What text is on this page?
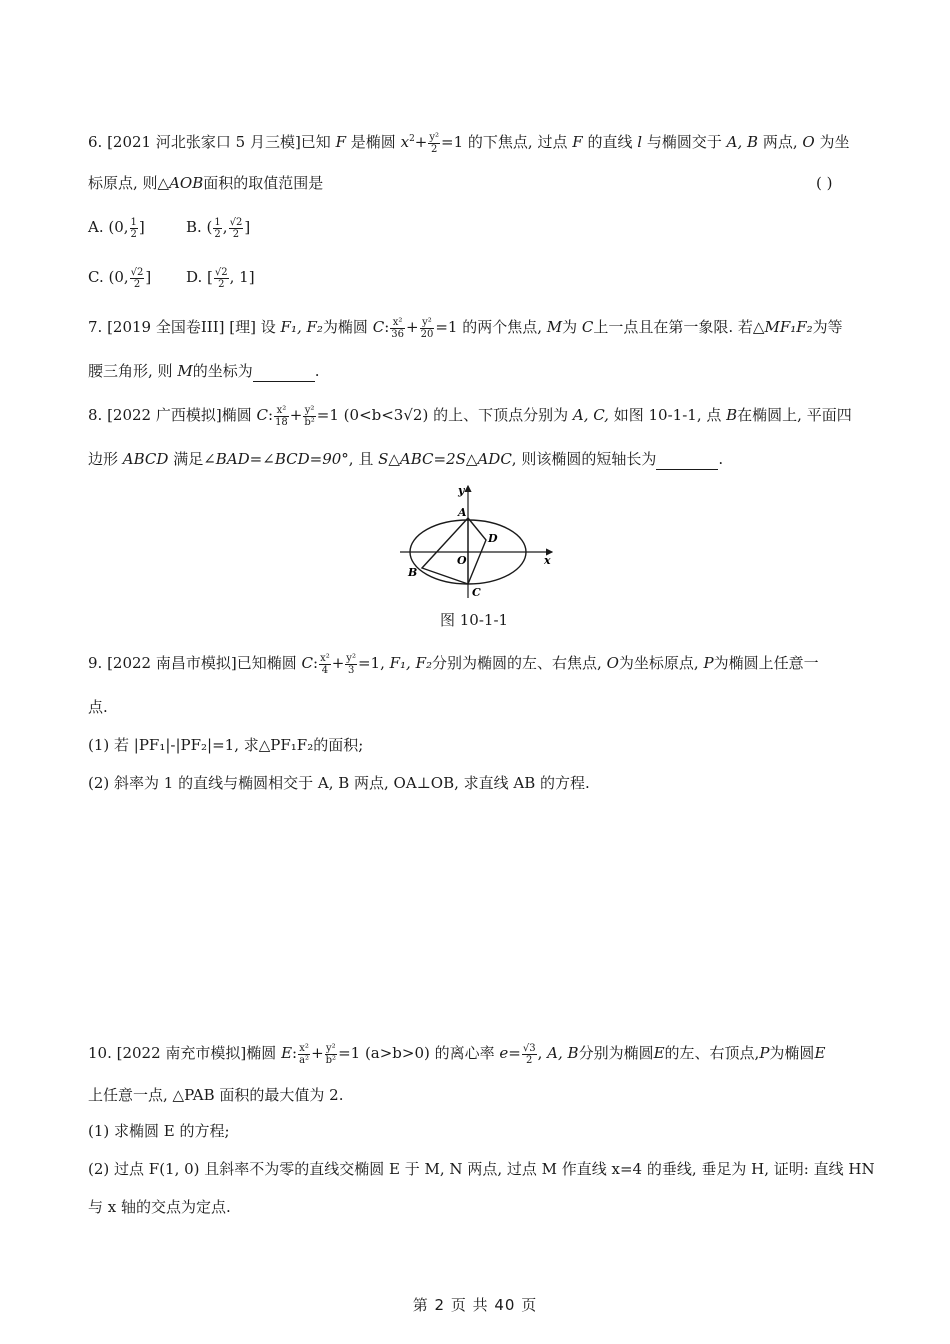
6. [2021 河北张家口 5 月三模]已知 F 是椭圆 $x^2+ \frac{\text{y²}}{2} =1$ 的下焦点, 过点 F 的直线 l 与椭圆交于 A, B 两点, O 为坐
标原点, 则△AOB面积的取值范围是	( )
A. (0, $\frac{1}{2}$ ]	B. ( $\frac{1}{2}$ , $\frac{√2}{2}$ ]
C. (0, $\frac{√2}{2}$ ] D. [ $\frac{√2}{2}$ , 1]
7. [2019 全国卷III] [理] 设 F₁, F₂为椭圆 C: $\frac{\text{x²}}{36} + \frac{\text{y²}}{20} =1$ 的两个焦点, M为 C上一点且在第一象限. 若△MF₁F₂为等
腰三角形, 则 M的坐标为	.
8. [2022 广西模拟]椭圆 C: $\frac{\text{x²}}{18} + \frac{\text{y²}}{\text{b²}} =1$ (0<b<3√2) 的上、下顶点分别为 A, C, 如图 10-1-1, 点 B在椭圆上, 平面四
边形 ABCD 满足∠BAD=∠BCD=90°, 且 S△ABC=2S△ADC, 则该椭圆的短轴长为	.
y
A
D
O	x
B
C
图 10-1-1
9. [2022 南昌市模拟]已知椭圆 C: $\frac{\text{x²}}{4} + \frac{\text{y²}}{3} =1$, F₁, F₂分别为椭圆的左、右焦点, O为坐标原点, P为椭圆上任意一
点.
(1) 若 |PF₁|-|PF₂|=1, 求△PF₁F₂的面积;
(2) 斜率为 1 的直线与椭圆相交于 A, B 两点, OA⊥OB, 求直线 AB 的方程.
10. [2022 南充市模拟]椭圆 E: $\frac{\text{x²}}{\text{a²}} + \frac{\text{y²}}{\text{b²}} =1$ (a>b>0) 的离心率 $e= \frac{√3}{2}$ , A, B分别为椭圆E的左、右顶点,P为椭圆E
上任意一点, △PAB 面积的最大值为 2.
(1) 求椭圆 E 的方程;
(2) 过点 F(1, 0) 且斜率不为零的直线交椭圆 E 于 M, N 两点, 过点 M 作直线 x=4 的垂线, 垂足为 H, 证明: 直线 HN
与 x 轴的交点为定点.
第 2 页 共 40 页
